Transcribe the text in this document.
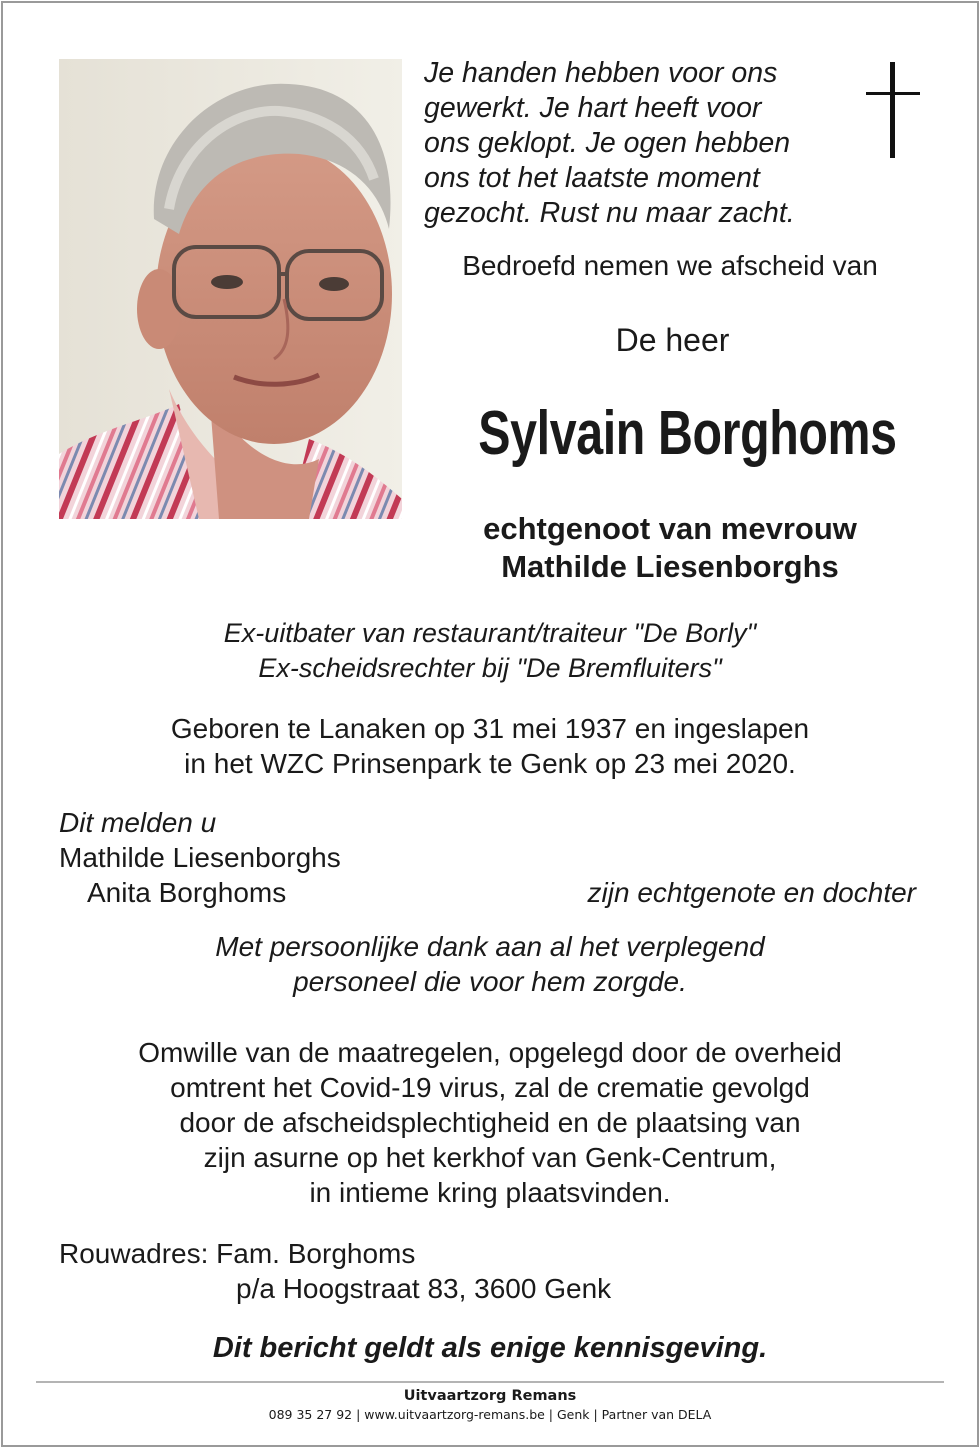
Je handen hebben voor ons
gewerkt. Je hart heeft voor
ons geklopt. Je ogen hebben
ons tot het laatste moment
gezocht. Rust nu maar zacht.
Bedroefd nemen we afscheid van
De heer
Sylvain Borghoms
echtgenoot van mevrouw
Mathilde Liesenborghs
Ex-uitbater van restaurant/traiteur "De Borly"
Ex-scheidsrechter bij "De Bremfluiters"
Geboren te Lanaken op 31 mei 1937 en ingeslapen
in het WZC Prinsenpark te Genk op 23 mei 2020.
Dit melden u
Mathilde Liesenborghs
Anita Borghoms	zijn echtgenote en dochter
Met persoonlijke dank aan al het verplegend
personeel die voor hem zorgde.
Omwille van de maatregelen, opgelegd door de overheid
omtrent het Covid-19 virus, zal de crematie gevolgd
door de afscheidsplechtigheid en de plaatsing van
zijn asurne op het kerkhof van Genk-Centrum,
in intieme kring plaatsvinden.
Rouwadres: Fam. Borghoms
p/a Hoogstraat 83, 3600 Genk
Dit bericht geldt als enige kennisgeving.
Uitvaartzorg Remans
089 35 27 92 | www.uitvaartzorg-remans.be | Genk | Partner van DELA
